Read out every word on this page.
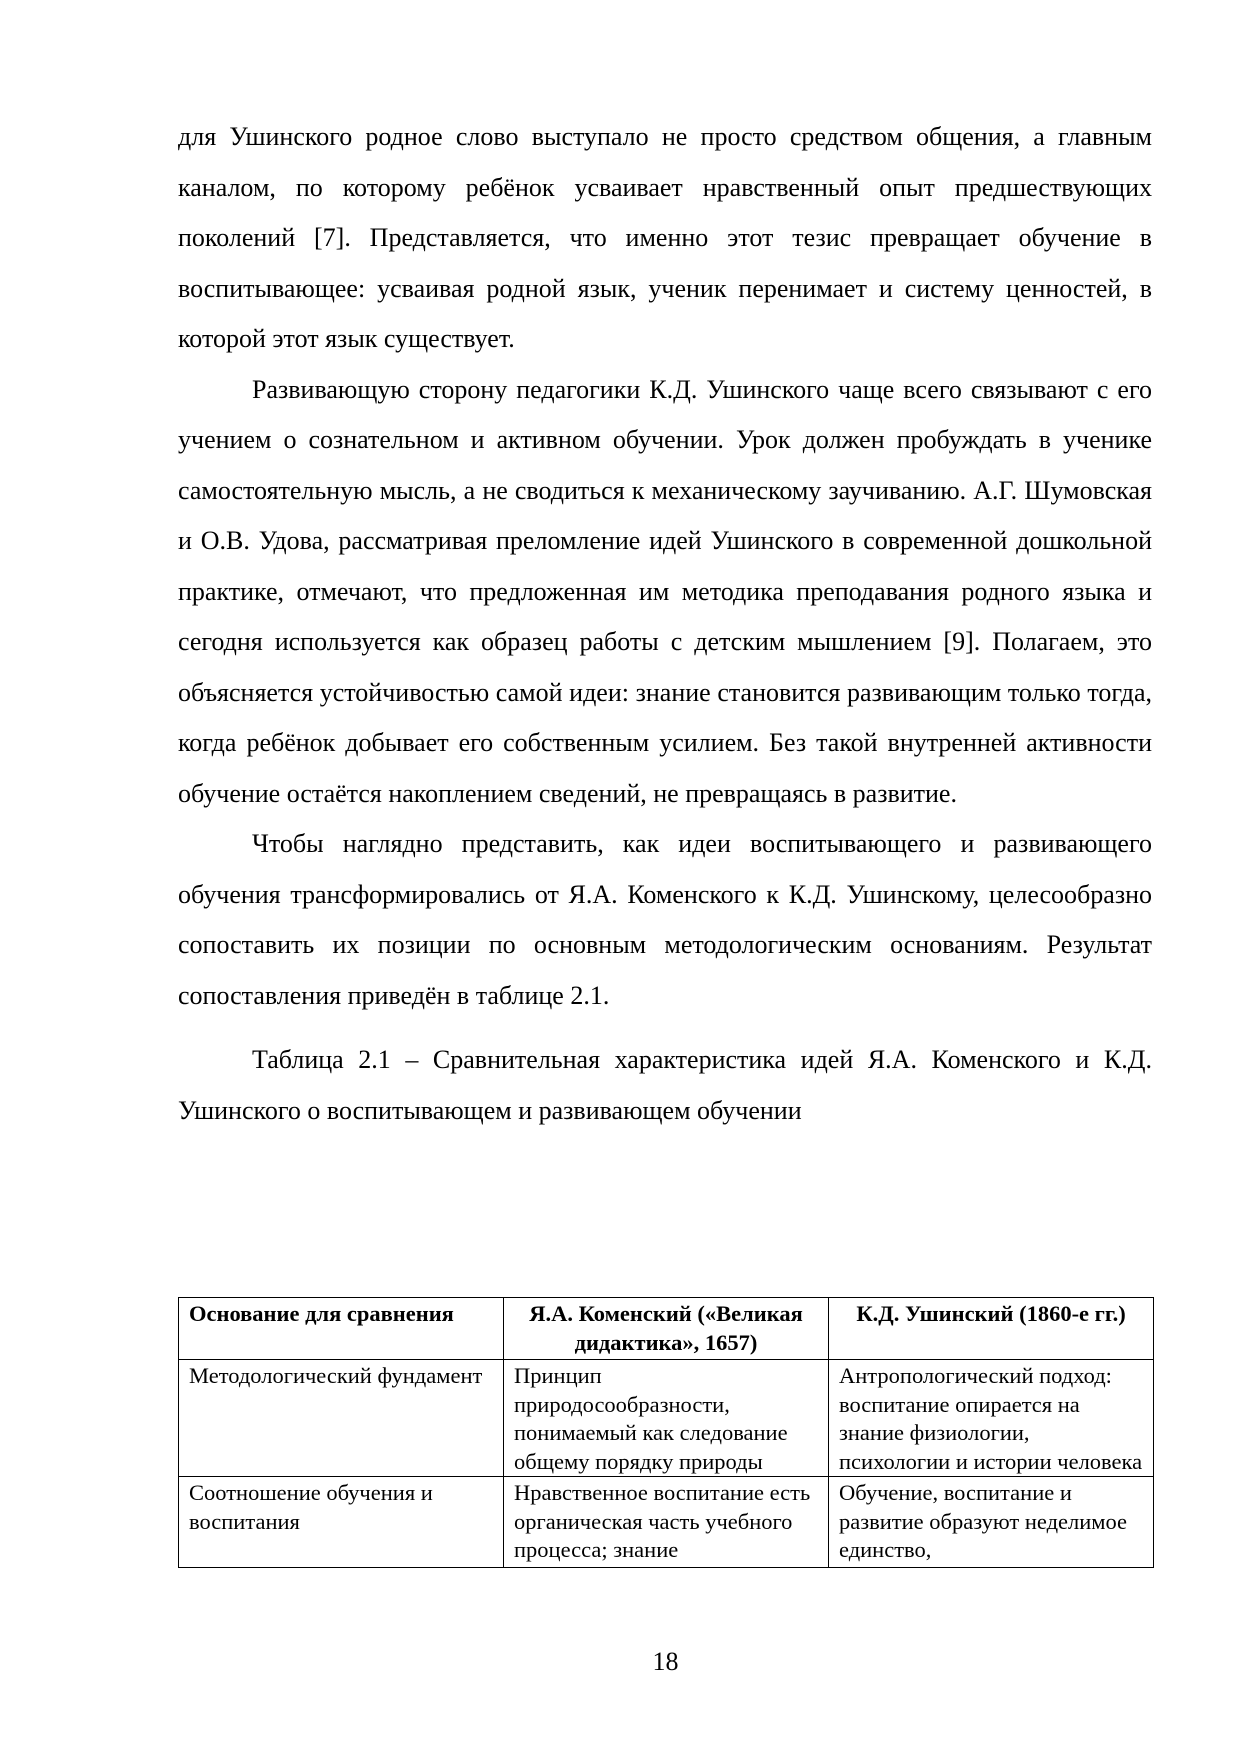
для Ушинского родное слово выступало не просто средством общения, а главным каналом, по которому ребёнок усваивает нравственный опыт предшествующих поколений [7]. Представляется, что именно этот тезис превращает обучение в воспитывающее: усваивая родной язык, ученик перенимает и систему ценностей, в которой этот язык существует.

Развивающую сторону педагогики К.Д. Ушинского чаще всего связывают с его учением о сознательном и активном обучении. Урок должен пробуждать в ученике самостоятельную мысль, а не сводиться к механическому заучиванию. А.Г. Шумовская и О.В. Удова, рассматривая преломление идей Ушинского в современной дошкольной практике, отмечают, что предложенная им методика преподавания родного языка и сегодня используется как образец работы с детским мышлением [9]. Полагаем, это объясняется устойчивостью самой идеи: знание становится развивающим только тогда, когда ребёнок добывает его собственным усилием. Без такой внутренней активности обучение остаётся накоплением сведений, не превращаясь в развитие.

Чтобы наглядно представить, как идеи воспитывающего и развивающего обучения трансформировались от Я.А. Коменского к К.Д. Ушинскому, целесообразно сопоставить их позиции по основным методологическим основаниям. Результат сопоставления приведён в таблице 2.1.

Таблица 2.1 – Сравнительная характеристика идей Я.А. Коменского и К.Д. Ушинского о воспитывающем и развивающем обучении

Основание для сравнения	Я.А. Коменский («Великая дидактика», 1657)	К.Д. Ушинский (1860-е гг.)
Методологический фундамент	Принцип природосообразности, понимаемый как следование общему порядку природы	Антропологический подход: воспитание опирается на знание физиологии, психологии и истории человека
Соотношение обучения и воспитания	Нравственное воспитание есть органическая часть учебного процесса; знание	Обучение, воспитание и развитие образуют неделимое единство,
18
